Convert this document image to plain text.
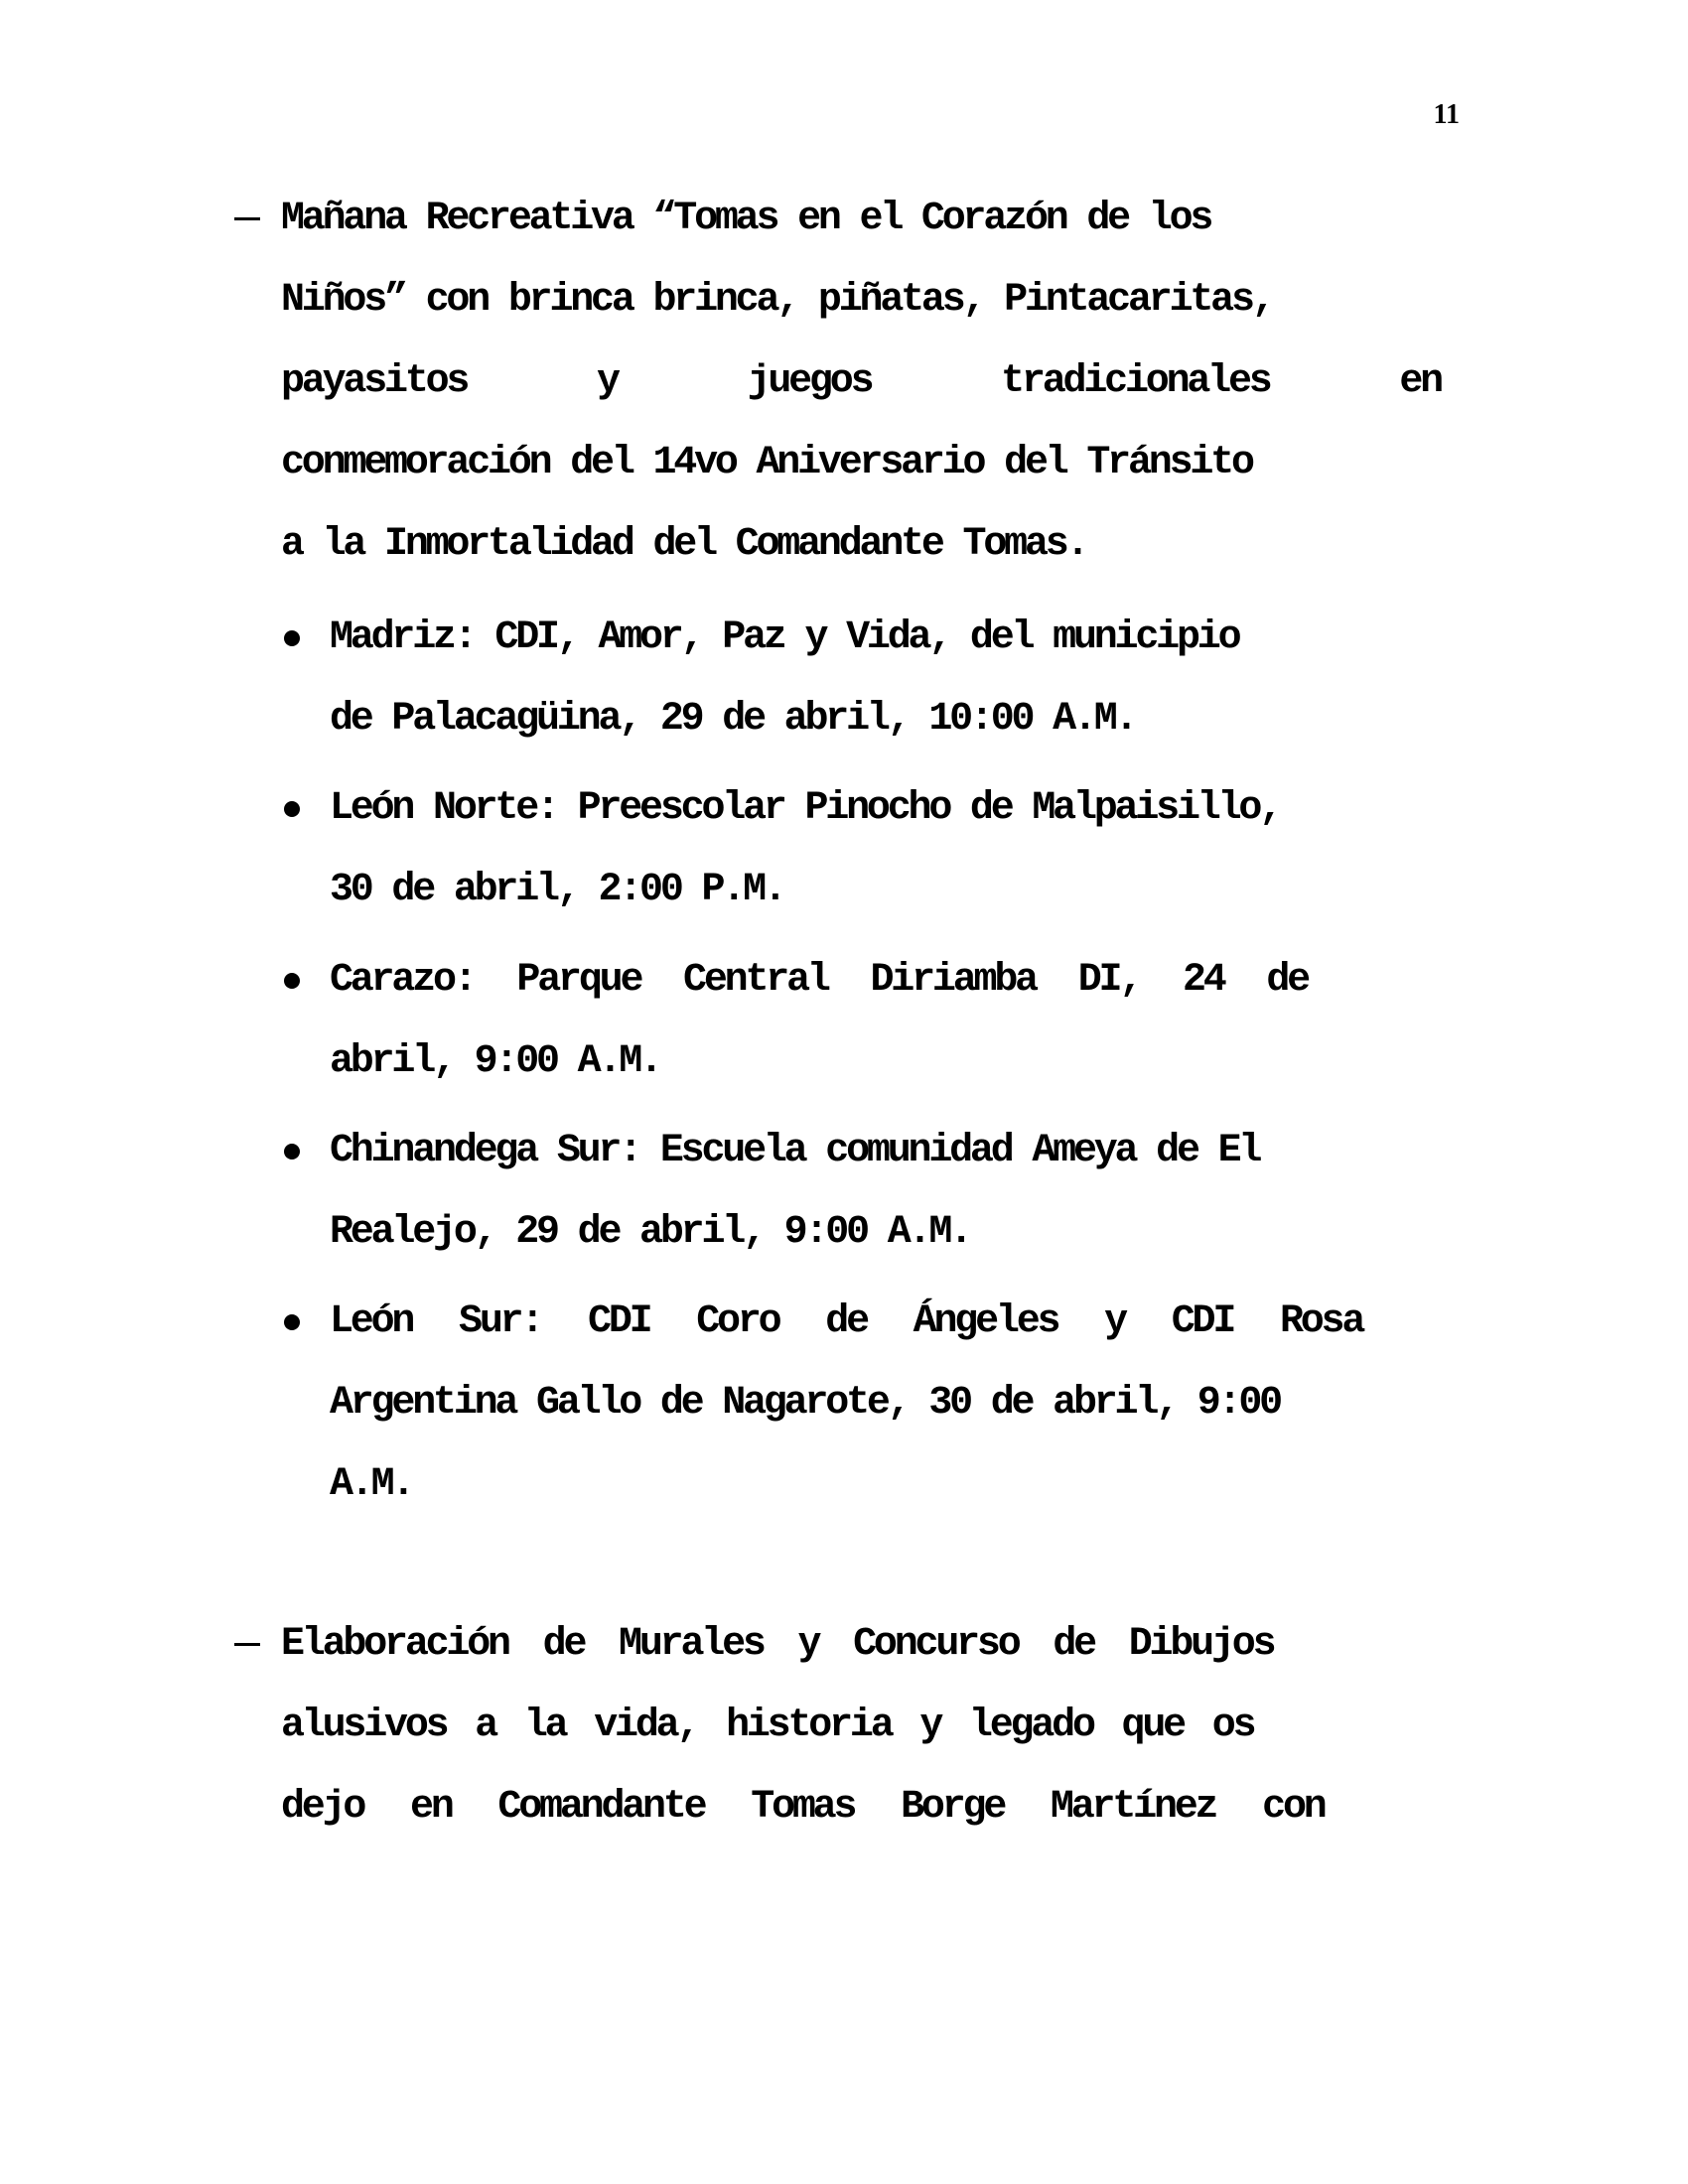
11
Mañana Recreativa “Tomas en el Corazón de los
Niños” con brinca brinca, piñatas, Pintacaritas,
payasitos	y	juegos	tradicionales	en
conmemoración del 14vo Aniversario del Tránsito
a la Inmortalidad del Comandante Tomas.
Madriz: CDI, Amor, Paz y Vida, del municipio
de Palacagüina, 29 de abril, 10:00 A.M.
León Norte: Preescolar Pinocho de Malpaisillo,
30 de abril, 2:00 P.M.
Carazo: Parque Central Diriamba DI, 24 de
abril, 9:00 A.M.
Chinandega Sur: Escuela comunidad Ameya de El
Realejo, 29 de abril, 9:00 A.M.
León Sur: CDI Coro de Ángeles y CDI Rosa
Argentina Gallo de Nagarote, 30 de abril, 9:00
A.M.
Elaboración de Murales y Concurso de Dibujos
alusivos a la vida, historia y legado que os
dejo en Comandante Tomas Borge Martínez con
